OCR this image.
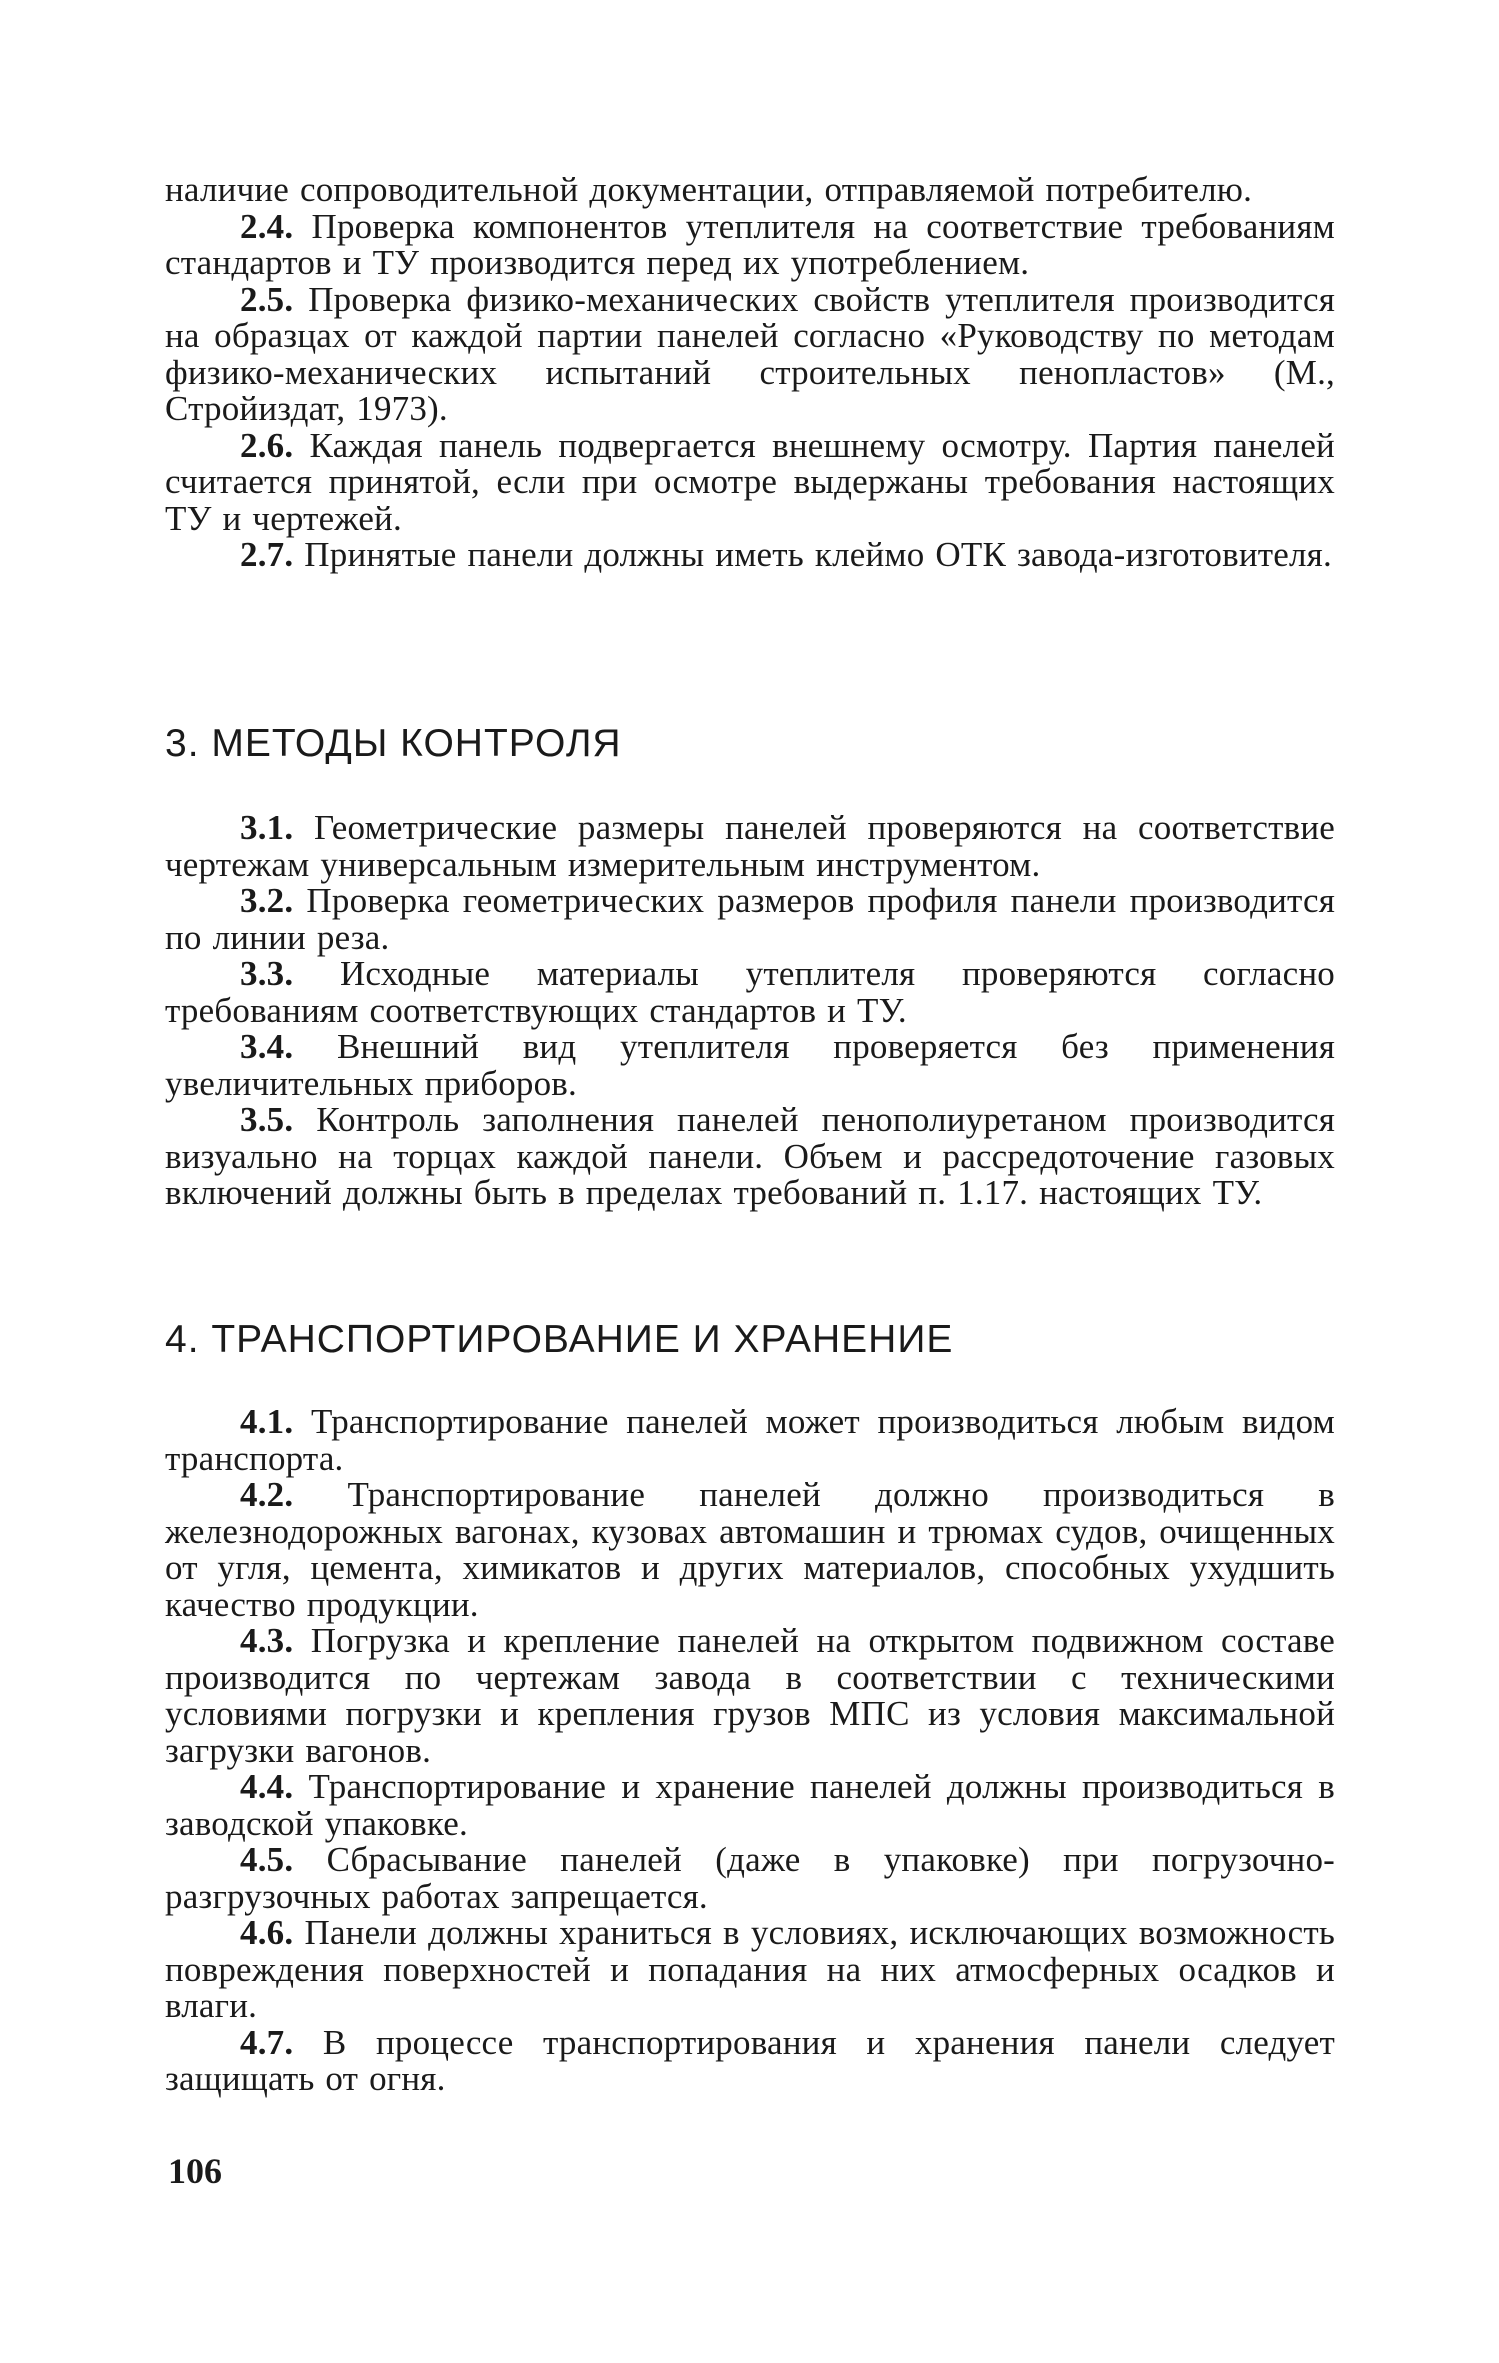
наличие сопроводительной документации, отправляемой потребителю.

2.4. Проверка компонентов утеплителя на соответствие требованиям стандартов и ТУ производится перед их употреблением.

2.5. Проверка физико-механических свойств утеплителя производится на образцах от каждой партии панелей согласно «Руководству по методам физико-механических испытаний строительных пенопластов» (М., Стройиздат, 1973).

2.6. Каждая панель подвергается внешнему осмотру. Партия панелей считается принятой, если при осмотре выдержаны требования настоящих ТУ и чертежей.

2.7. Принятые панели должны иметь клеймо ОТК завода-изготовителя.

3. МЕТОДЫ КОНТРОЛЯ

3.1. Геометрические размеры панелей проверяются на соответствие чертежам универсальным измерительным инструментом.

3.2. Проверка геометрических размеров профиля панели производится по линии реза.

3.3. Исходные материалы утеплителя проверяются согласно требованиям соответствующих стандартов и ТУ.

3.4. Внешний вид утеплителя проверяется без применения увеличительных приборов.

3.5. Контроль заполнения панелей пенополиуретаном производится визуально на торцах каждой панели. Объем и рассредоточение газовых включений должны быть в пределах требований п. 1.17. настоящих ТУ.

4. ТРАНСПОРТИРОВАНИЕ И ХРАНЕНИЕ

4.1. Транспортирование панелей может производиться любым видом транспорта.

4.2. Транспортирование панелей должно производиться в железнодорожных вагонах, кузовах автомашин и трюмах судов, очищенных от угля, цемента, химикатов и других материалов, способных ухудшить качество продукции.

4.3. Погрузка и крепление панелей на открытом подвижном составе производится по чертежам завода в соответствии с техническими условиями погрузки и крепления грузов МПС из условия максимальной загрузки вагонов.

4.4. Транспортирование и хранение панелей должны производиться в заводской упаковке.

4.5. Сбрасывание панелей (даже в упаковке) при погрузочно-разгрузочных работах запрещается.

4.6. Панели должны храниться в условиях, исключающих возможность повреждения поверхностей и попадания на них атмосферных осадков и влаги.

4.7. В процессе транспортирования и хранения панели следует защищать от огня.

106
